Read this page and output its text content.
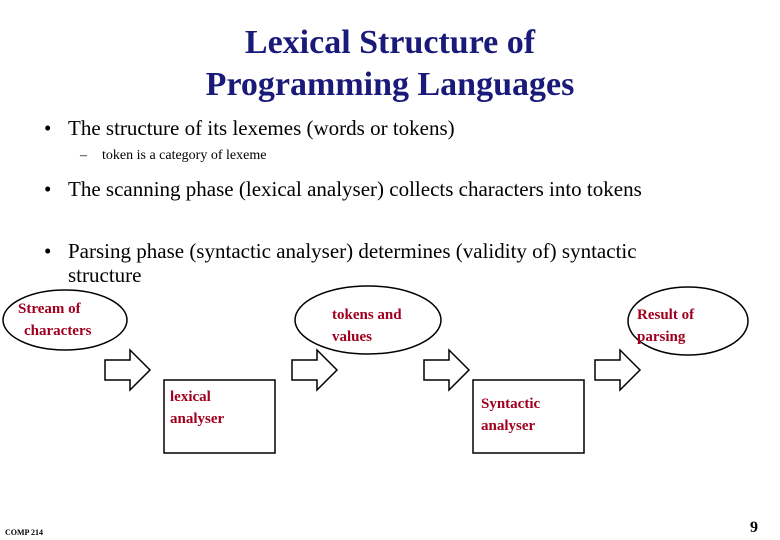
Lexical Structure of
Programming Languages
• The structure of its lexemes (words or tokens)
– token is a category of lexeme
• The scanning phase (lexical analyser) collects characters into tokens
• Parsing phase (syntactic analyser) determines (validity of) syntactic structure
Stream of
characters
tokens and
values
Result of
parsing
lexical
analyser
Syntactic
analyser
COMP 214	9
